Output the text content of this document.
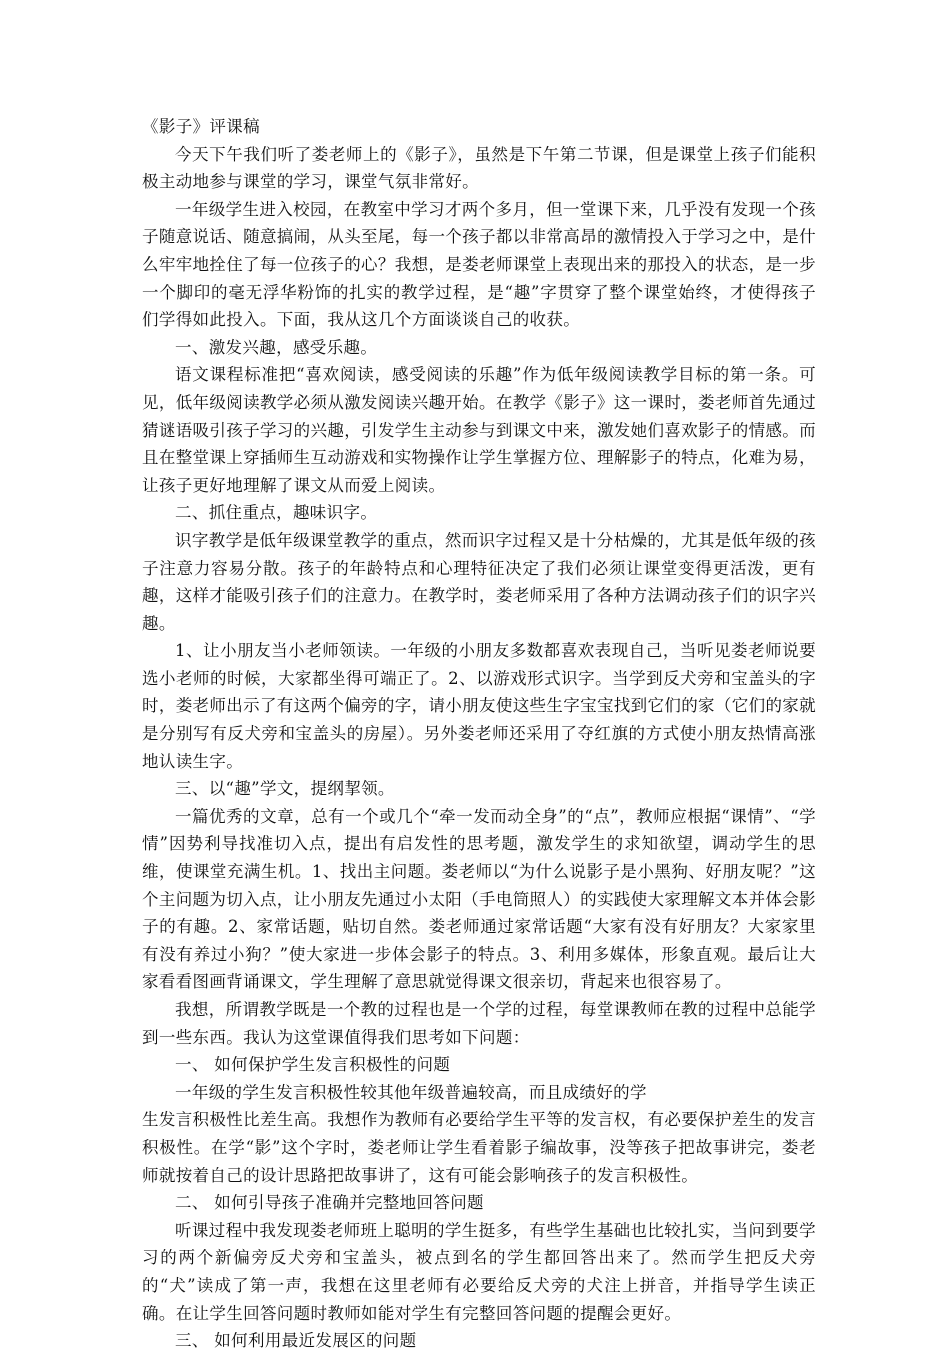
《影子》评课稿

今天下午我们听了娄老师上的《影子》，虽然是下午第二节课，但是课堂上孩子们能积极主动地参与课堂的学习，课堂气氛非常好。

一年级学生进入校园，在教室中学习才两个多月，但一堂课下来，几乎没有发现一个孩子随意说话、随意搞闹，从头至尾，每一个孩子都以非常高昂的激情投入于学习之中，是什么牢牢地拴住了每一位孩子的心？我想，是娄老师课堂上表现出来的那投入的状态，是一步一个脚印的毫无浮华粉饰的扎实的教学过程，是“趣”字贯穿了整个课堂始终，才使得孩子们学得如此投入。下面，我从这几个方面谈谈自己的收获。

一、激发兴趣，感受乐趣。

语文课程标准把“喜欢阅读，感受阅读的乐趣”作为低年级阅读教学目标的第一条。可见，低年级阅读教学必须从激发阅读兴趣开始。在教学《影子》这一课时，娄老师首先通过猜谜语吸引孩子学习的兴趣，引发学生主动参与到课文中来，激发她们喜欢影子的情感。而且在整堂课上穿插师生互动游戏和实物操作让学生掌握方位、理解影子的特点，化难为易，让孩子更好地理解了课文从而爱上阅读。

二、抓住重点，趣味识字。

识字教学是低年级课堂教学的重点，然而识字过程又是十分枯燥的，尤其是低年级的孩子注意力容易分散。孩子的年龄特点和心理特征决定了我们必须让课堂变得更活泼，更有趣，这样才能吸引孩子们的注意力。在教学时，娄老师采用了各种方法调动孩子们的识字兴趣。

1、让小朋友当小老师领读。一年级的小朋友多数都喜欢表现自己，当听见娄老师说要选小老师的时候，大家都坐得可端正了。2、以游戏形式识字。当学到反犬旁和宝盖头的字时，娄老师出示了有这两个偏旁的字，请小朋友使这些生字宝宝找到它们的家（它们的家就是分别写有反犬旁和宝盖头的房屋）。另外娄老师还采用了夺红旗的方式使小朋友热情高涨地认读生字。

三、以“趣”学文，提纲挈领。

一篇优秀的文章，总有一个或几个“牵一发而动全身”的“点”，教师应根据“课情”、“学情”因势利导找准切入点，提出有启发性的思考题，激发学生的求知欲望，调动学生的思维，使课堂充满生机。1、找出主问题。娄老师以“为什么说影子是小黑狗、好朋友呢？”这个主问题为切入点，让小朋友先通过小太阳（手电筒照人）的实践使大家理解文本并体会影子的有趣。2、家常话题，贴切自然。娄老师通过家常话题“大家有没有好朋友？大家家里有没有养过小狗？”使大家进一步体会影子的特点。3、利用多媒体，形象直观。最后让大家看看图画背诵课文，学生理解了意思就觉得课文很亲切，背起来也很容易了。

我想，所谓教学既是一个教的过程也是一个学的过程，每堂课教师在教的过程中总能学到一些东西。我认为这堂课值得我们思考如下问题：

一、 如何保护学生发言积极性的问题

一年级的学生发言积极性较其他年级普遍较高，而且成绩好的学

生发言积极性比差生高。我想作为教师有必要给学生平等的发言权，有必要保护差生的发言积极性。在学“影”这个字时，娄老师让学生看着影子编故事，没等孩子把故事讲完，娄老师就按着自己的设计思路把故事讲了，这有可能会影响孩子的发言积极性。

二、 如何引导孩子准确并完整地回答问题

听课过程中我发现娄老师班上聪明的学生挺多，有些学生基础也比较扎实，当问到要学习的两个新偏旁反犬旁和宝盖头，被点到名的学生都回答出来了。然而学生把反犬旁的“犬”读成了第一声，我想在这里老师有必要给反犬旁的犬注上拼音，并指导学生读正确。在让学生回答问题时教师如能对学生有完整回答问题的提醒会更好。

三、 如何利用最近发展区的问题
